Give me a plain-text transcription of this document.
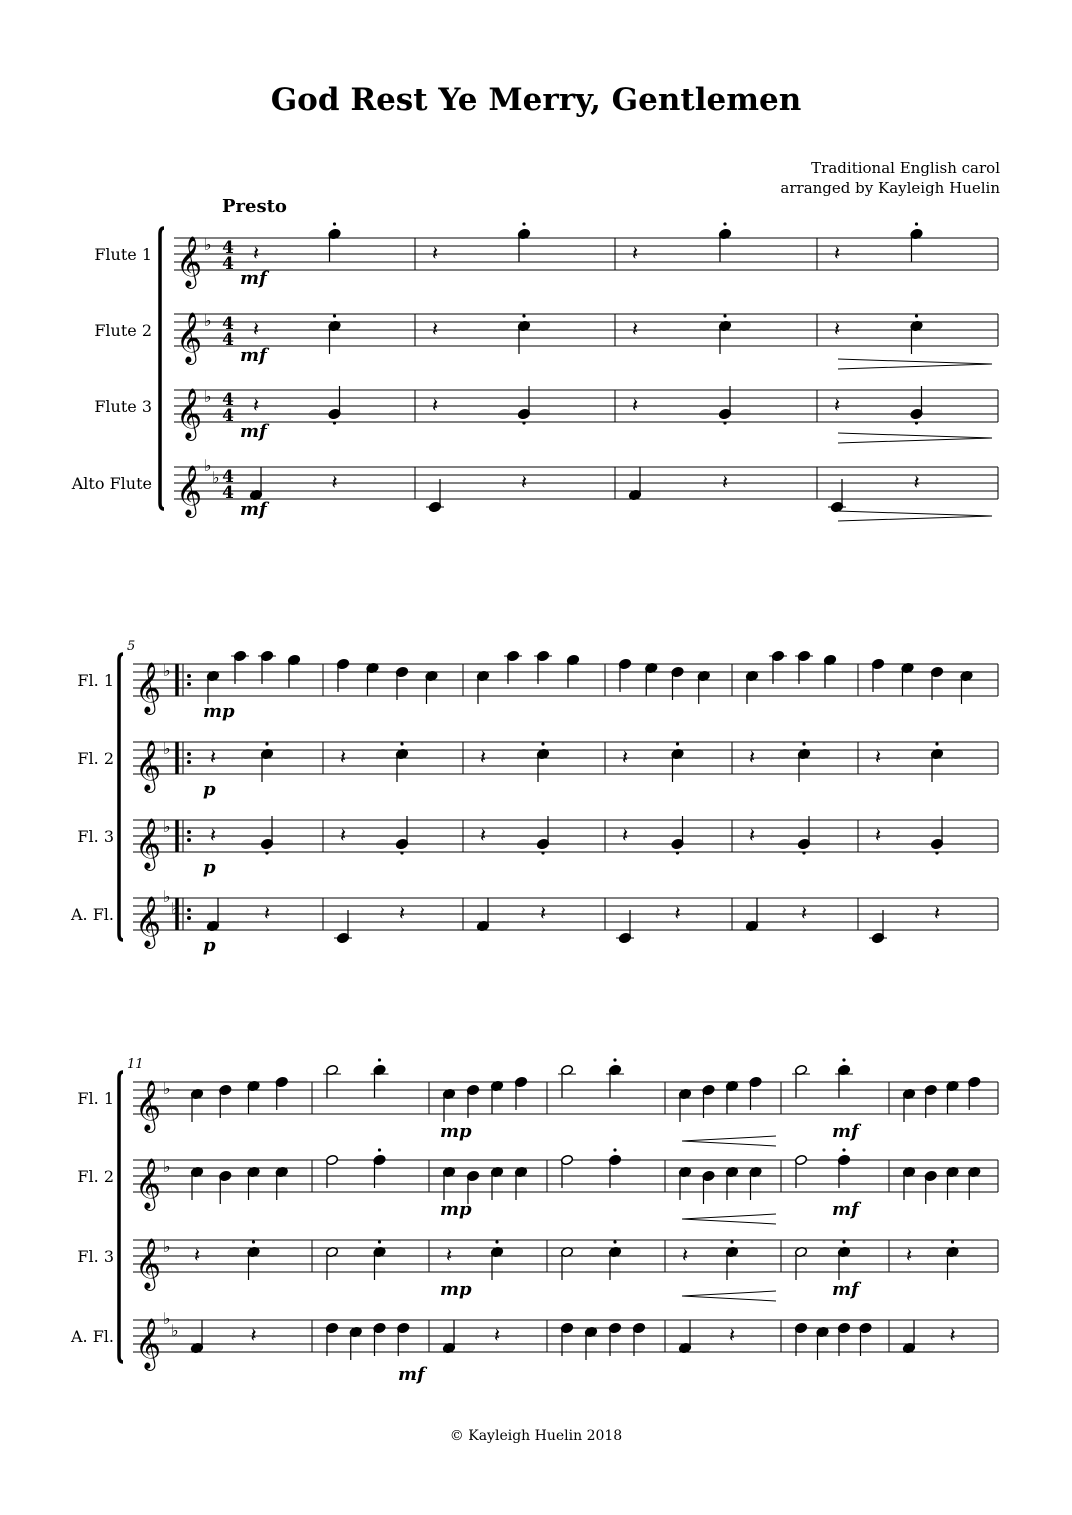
God Rest Ye Merry, Gentlemen
Traditional English carol
arranged by Kayleigh Huelin
Presto
© Kayleigh Huelin 2018
Flute 1 𝄞 ♭ 4
4 𝄽	𝄽	𝄽	𝄽
mf
Flute 2 𝄞 ♭ 4
4 𝄽	𝄽	𝄽	𝄽
mf
Flute 3 𝄞 ♭ 4
4 𝄽	𝄽	𝄽	𝄽
mf
Alto Flute 𝄞 ♭
♭ 4
4	𝄽	𝄽	𝄽	𝄽
mf
5
Fl. 1 𝄞 ♭
mp
Fl. 2 𝄞 ♭ 𝄽	𝄽	𝄽	𝄽	𝄽	𝄽
p
Fl. 3 𝄞 ♭ 𝄽	𝄽	𝄽	𝄽	𝄽	𝄽
p
A. Fl. 𝄞 ♭
♭	𝄽	𝄽	𝄽	𝄽	𝄽	𝄽
p
11
Fl. 1 𝄞 ♭
Fl. 2 𝄞 ♭
Fl. 3 𝄞 ♭ 𝄽	𝄽	𝄽	𝄽
A. Fl. 𝄞 ♭
♭	𝄽	𝄽	𝄽	𝄽
mp	mf
mp	mf
mp	mf
mf
